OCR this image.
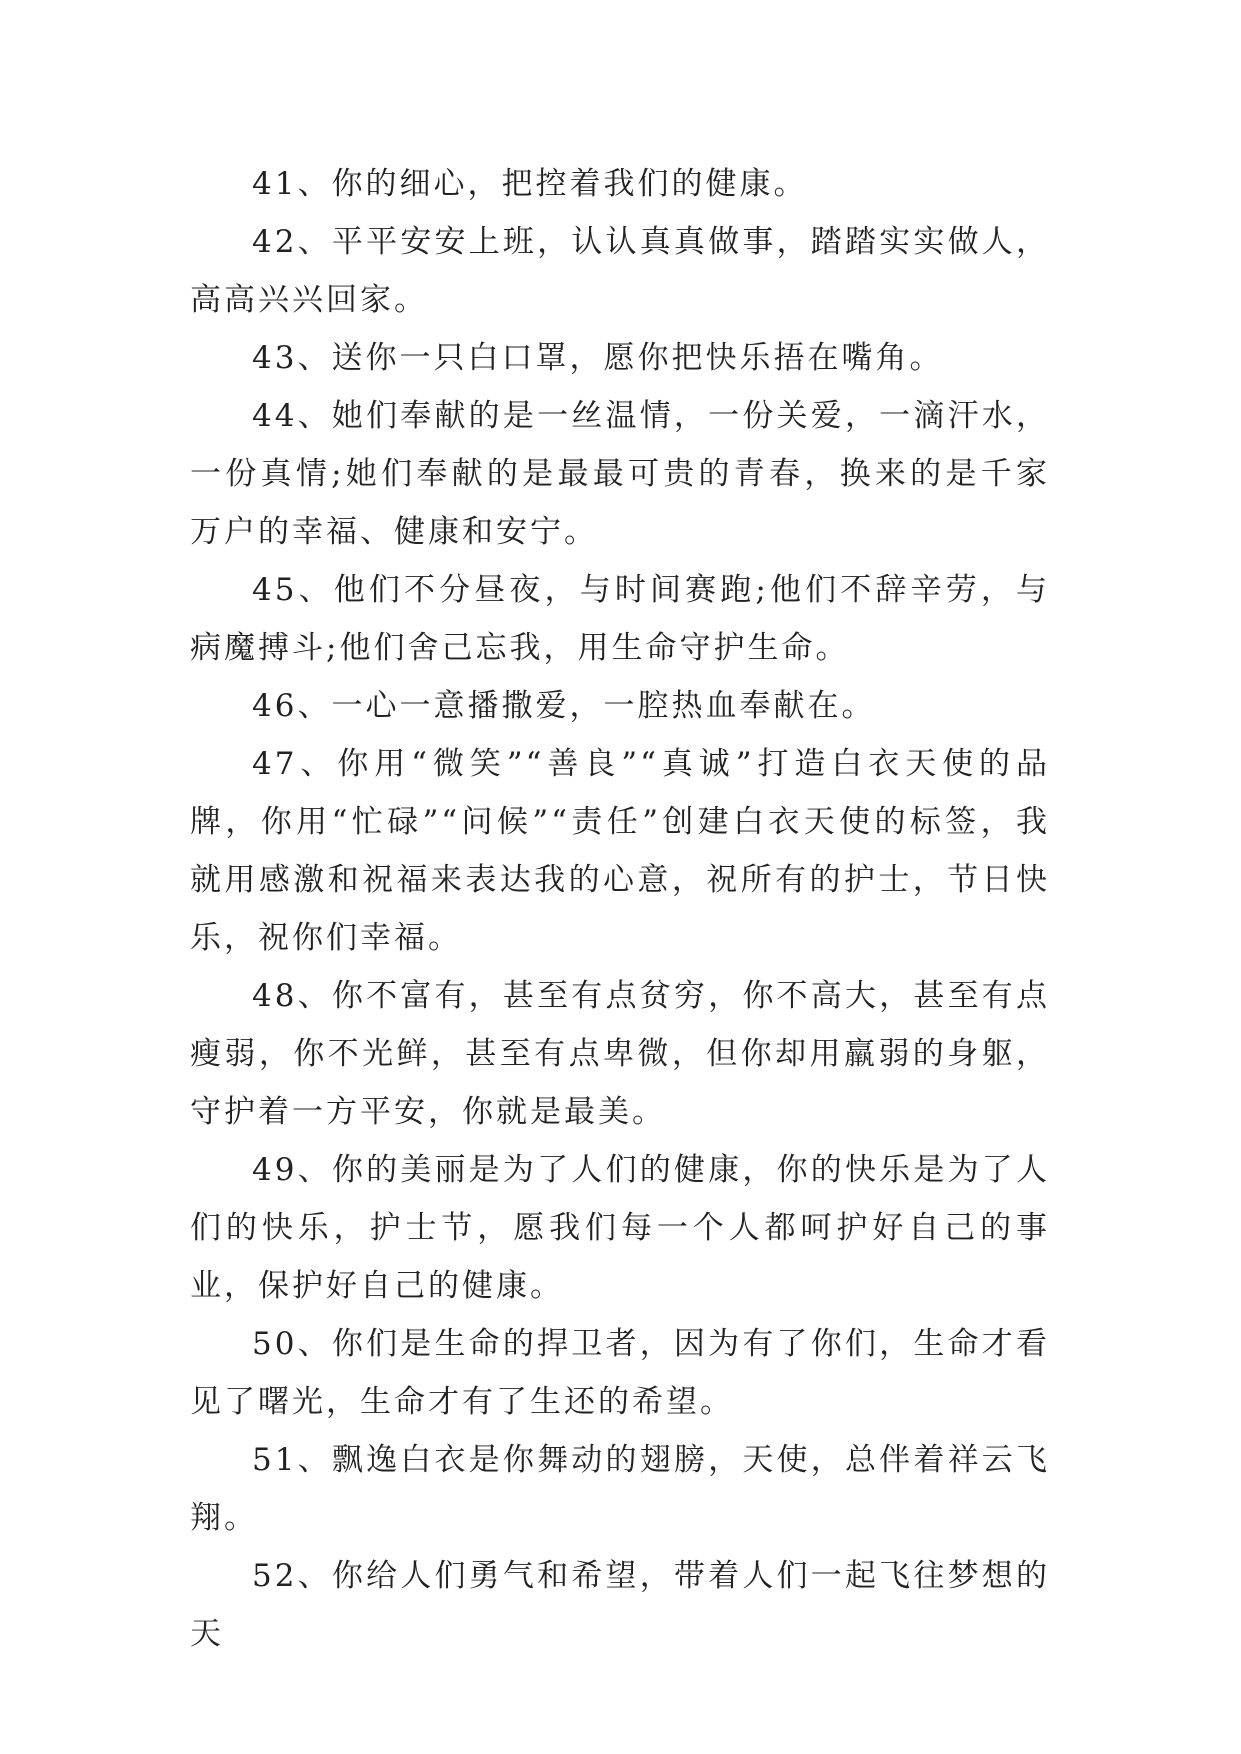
41、你的细心，把控着我们的健康。

42、平平安安上班，认认真真做事，踏踏实实做人，高高兴兴回家。

43、送你一只白口罩，愿你把快乐捂在嘴角。

44、她们奉献的是一丝温情，一份关爱，一滴汗水，一份真情;她们奉献的是最最可贵的青春，换来的是千家万户的幸福、健康和安宁。

45、他们不分昼夜，与时间赛跑;他们不辞辛劳，与病魔搏斗;他们舍己忘我，用生命守护生命。

46、一心一意播撒爱，一腔热血奉献在。

47、你用“微笑”“善良”“真诚”打造白衣天使的品牌，你用“忙碌”“问候”“责任”创建白衣天使的标签，我就用感激和祝福来表达我的心意，祝所有的护士，节日快乐，祝你们幸福。

48、你不富有，甚至有点贫穷，你不高大，甚至有点瘦弱，你不光鲜，甚至有点卑微，但你却用羸弱的身躯，守护着一方平安，你就是最美。

49、你的美丽是为了人们的健康，你的快乐是为了人们的快乐，护士节，愿我们每一个人都呵护好自己的事业，保护好自己的健康。

50、你们是生命的捍卫者，因为有了你们，生命才看见了曙光，生命才有了生还的希望。

51、飘逸白衣是你舞动的翅膀，天使，总伴着祥云飞翔。

52、你给人们勇气和希望，带着人们一起飞往梦想的天
